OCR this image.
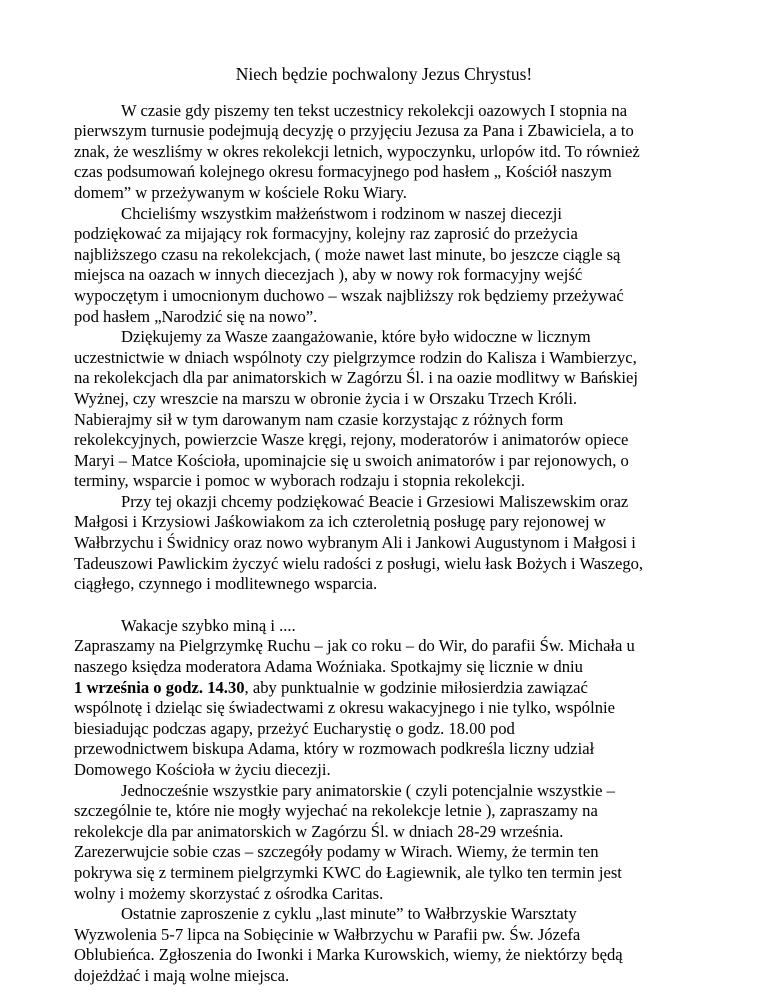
Niech będzie pochwalony Jezus Chrystus!
W czasie gdy piszemy ten tekst uczestnicy rekolekcji oazowych I stopnia na
pierwszym turnusie podejmują decyzję o przyjęciu Jezusa za Pana i Zbawiciela, a to
znak, że weszliśmy w okres rekolekcji letnich, wypoczynku, urlopów itd. To również
czas podsumowań kolejnego okresu formacyjnego pod hasłem „ Kościół naszym
domem” w przeżywanym w kościele Roku Wiary.
Chcieliśmy wszystkim małżeństwom i rodzinom w naszej diecezji
podziękować za mijający rok formacyjny, kolejny raz zaprosić do przeżycia
najbliższego czasu na rekolekcjach, ( może nawet last minute, bo jeszcze ciągle są
miejsca na oazach w innych diecezjach ), aby w nowy rok formacyjny wejść
wypoczętym i umocnionym duchowo – wszak najbliższy rok będziemy przeżywać
pod hasłem „Narodzić się na nowo”.
Dziękujemy za Wasze zaangażowanie, które było widoczne w licznym
uczestnictwie w dniach wspólnoty czy pielgrzymce rodzin do Kalisza i Wambierzyc,
na rekolekcjach dla par animatorskich w Zagórzu Śl. i na oazie modlitwy w Bańskiej
Wyżnej, czy wreszcie na marszu w obronie życia i w Orszaku Trzech Króli.
Nabierajmy sił w tym darowanym nam czasie korzystając z różnych form
rekolekcyjnych, powierzcie Wasze kręgi, rejony, moderatorów i animatorów opiece
Maryi – Matce Kościoła, upominajcie się u swoich animatorów i par rejonowych, o
terminy, wsparcie i pomoc w wyborach rodzaju i stopnia rekolekcji.
Przy tej okazji chcemy podziękować Beacie i Grzesiowi Maliszewskim oraz
Małgosi i Krzysiowi Jaśkowiakom za ich czteroletnią posługę pary rejonowej w
Wałbrzychu i Świdnicy oraz nowo wybranym Ali i Jankowi Augustynom i Małgosi i
Tadeuszowi Pawlickim życzyć wielu radości z posługi, wielu łask Bożych i Waszego,
ciągłego, czynnego i modlitewnego wsparcia.
Wakacje szybko miną i ....
Zapraszamy na Pielgrzymkę Ruchu – jak co roku – do Wir, do parafii Św. Michała u
naszego księdza moderatora Adama Woźniaka. Spotkajmy się licznie w dniu
1 września o godz. 14.30, aby punktualnie w godzinie miłosierdzia zawiązać
wspólnotę i dzieląc się świadectwami z okresu wakacyjnego i nie tylko, wspólnie
biesiadując podczas agapy, przeżyć Eucharystię o godz. 18.00 pod
przewodnictwem biskupa Adama, który w rozmowach podkreśla liczny udział
Domowego Kościoła w życiu diecezji.
Jednocześnie wszystkie pary animatorskie ( czyli potencjalnie wszystkie –
szczególnie te, które nie mogły wyjechać na rekolekcje letnie ), zapraszamy na
rekolekcje dla par animatorskich w Zagórzu Śl. w dniach 28-29 września.
Zarezerwujcie sobie czas – szczegóły podamy w Wirach. Wiemy, że termin ten
pokrywa się z terminem pielgrzymki KWC do Łagiewnik, ale tylko ten termin jest
wolny i możemy skorzystać z ośrodka Caritas.
Ostatnie zaproszenie z cyklu „last minute” to Wałbrzyskie Warsztaty
Wyzwolenia 5-7 lipca na Sobięcinie w Wałbrzychu w Parafii pw. Św. Józefa
Oblubieńca. Zgłoszenia do Iwonki i Marka Kurowskich, wiemy, że niektórzy będą
dojeżdżać i mają wolne miejsca.
